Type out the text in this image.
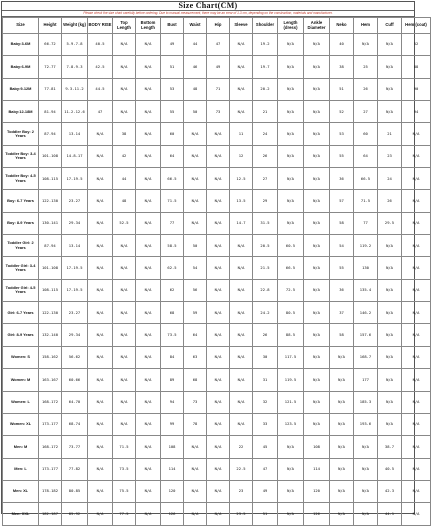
Size Chart(CM)
Please check the size chart carefully before ordering. Due to manual measurement, there may be an error of 1-3 cm, depending on the construction, materials and manufacturer.
Size	Height	Weight (kg)	BODY RISE	Top Length	Bottom Length	Bust	Waist	Hip	Sleeve	Shoulder	Length (dress)	Ankle Diameter	Neko	Hem	Cuff	Hem (coat)
Baby:3-6M	66-72	5.9-7.8	40.5	N/A	N/A	49	44	47	N/A	19.2	N/A	N/A	40	N/A	N/A	52
Baby:6-9M	72-77	7.8-9.3	42.5	N/A	N/A	51	46	49	N/A	19.7	N/A	N/A	38	25	N/A	88
Baby:9-12M	77-81	9.3-11.2	44.5	N/A	N/A	53	48	71	N/A	20.2	N/A	N/A	51	26	N/A	90
Baby:12-18M	81-94	11.2-12.6	47	N/A	N/A	55	50	73	N/A	21	N/A	N/A	52	27	N/A	94
Toddler Boy: 2 Years	87-94	13-14	N/A	38	N/A	60	N/A	N/A	11	24	N/A	N/A	53	60	21	N/A
Toddler Boy: 3-4 Years	101-108	14.8-17	N/A	42	N/A	64	N/A	N/A	12	26	N/A	N/A	55	64	23	N/A
Toddler Boy: 4-5 Years	108-115	17-19.5	N/A	44	N/A	66.5	N/A	N/A	12.5	27	N/A	N/A	36	66.5	24	N/A
Boy: 6-7 Years	122-130	23-27	N/A	48	N/A	71.5	N/A	N/A	13.5	29	N/A	N/A	57	71.5	26	N/A
Boy: 8-9 Years	130-141	29-34	N/A	52.5	N/A	77	N/A	N/A	14.7	31.5	N/A	N/A	58	77	29.5	N/A
Toddler Girl: 2 Years	87-94	13-14	N/A	N/A	N/A	58.5	50	N/A	N/A	20.5	60.5	N/A	54	119.2	N/A	N/A
Toddler Girl: 3-4 Years	101-108	17-19.5	N/A	N/A	N/A	62.5	54	N/A	N/A	21.5	66.5	N/A	55	130	N/A	N/A
Toddler Girl: 4-5 Years	108-115	17-19.5	N/A	N/A	N/A	62	56	N/A	N/A	22.8	72.5	N/A	36	135.4	N/A	N/A
Girl: 6-7 Years	122-130	23-27	N/A	N/A	N/A	68	59	N/A	N/A	24.2	80.5	N/A	37	146.2	N/A	N/A
Girl: 8-9 Years	132-140	29-34	N/A	N/A	N/A	73.5	64	N/A	N/A	26	88.5	N/A	58	157.6	N/A	N/A
Women: S	158-162	56-62	N/A	N/A	N/A	84	63	N/A	N/A	30	117.5	N/A	N/A	168.7	N/A	N/A
Women: M	163-167	60-66	N/A	N/A	N/A	89	68	N/A	N/A	31	119.5	N/A	N/A	177	N/A	N/A
Women: L	168-172	64-70	N/A	N/A	N/A	94	73	N/A	N/A	32	121.5	N/A	N/A	185.3	N/A	N/A
Women: XL	173-177	68-74	N/A	N/A	N/A	99	78	N/A	N/A	33	123.5	N/A	N/A	193.6	N/A	N/A
Men: M	168-172	73-77	N/A	71.5	N/A	108	N/A	N/A	22	45	N/A	108	N/A	N/A	38.7	N/A
Men: L	173-177	77-82	N/A	73.5	N/A	114	N/A	N/A	22.5	47	N/A	114	N/A	N/A	40.5	N/A
Men: XL	178-182	80-85	N/A	75.5	N/A	120	N/A	N/A	23	49	N/A	120	N/A	N/A	42.3	N/A
Men: XXL	182-187	85-92	N/A	77.5	N/A	126	N/A	N/A	23.5	51	N/A	126	N/A	N/A	44.1	N/A
